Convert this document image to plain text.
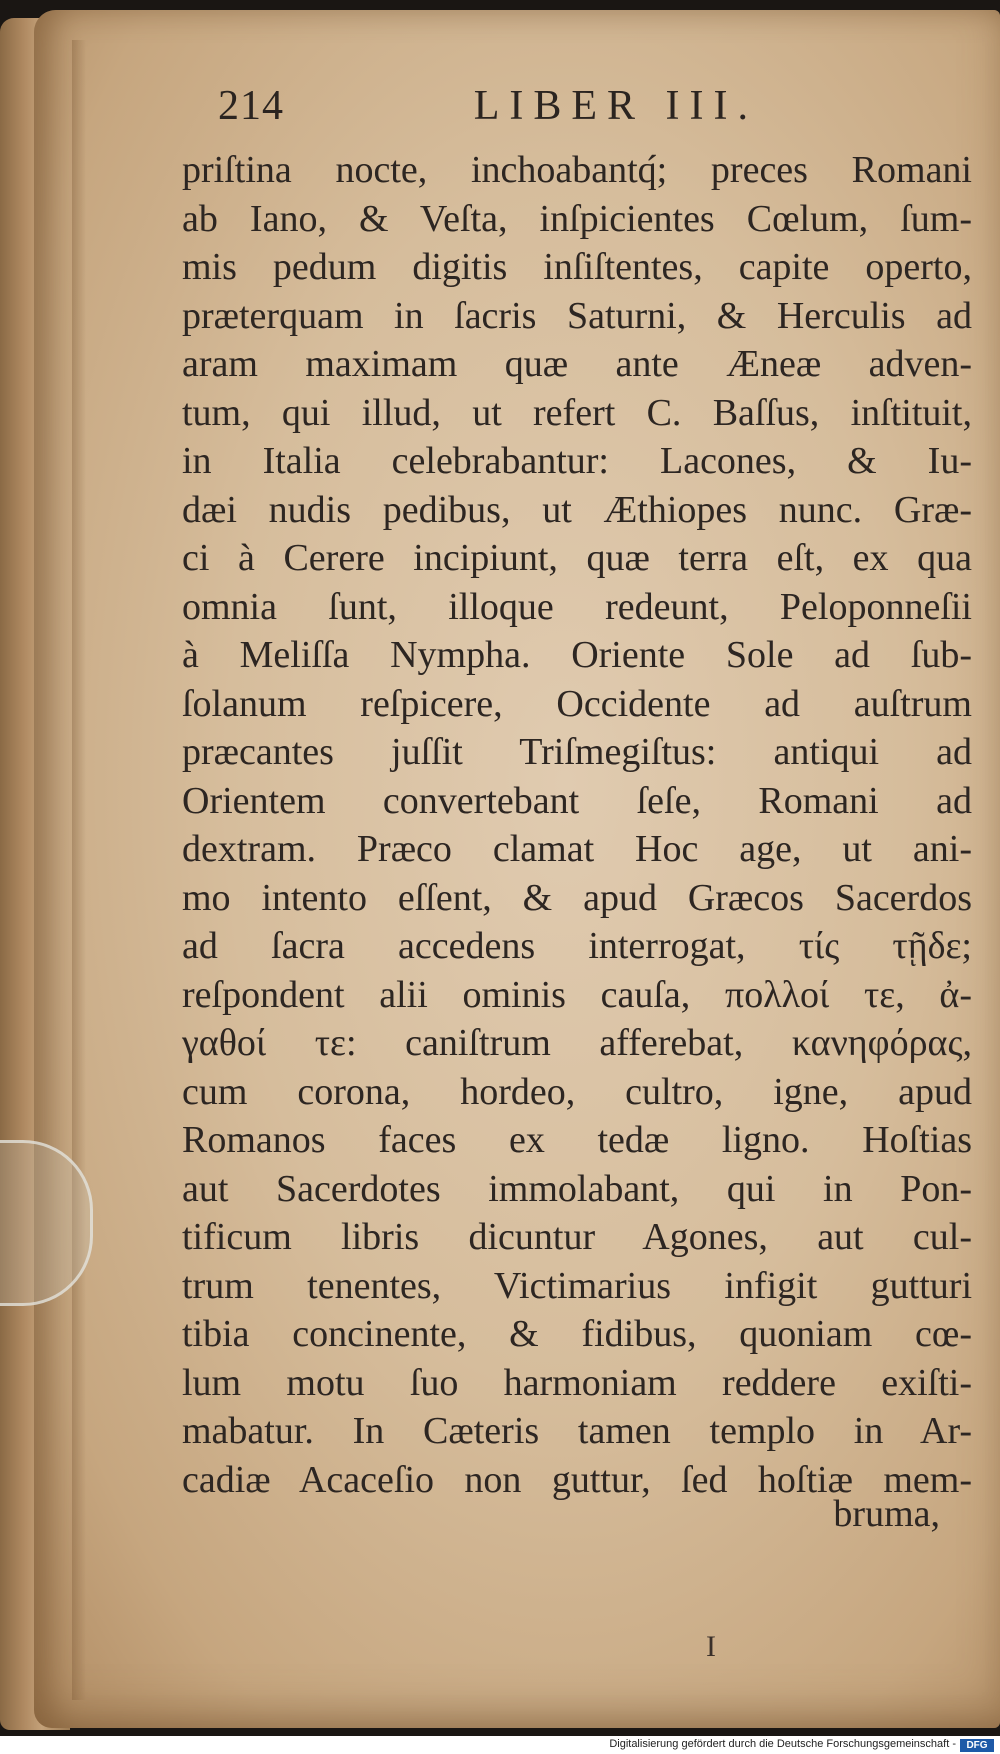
214	LIBER III.
priſtina nocte, inchoabantq́; preces Romani
ab Iano, & Veſta, inſpicientes Cœlum, ſum-
mis pedum digitis inſiſtentes, capite operto,
præterquam in ſacris Saturni, & Herculis ad
aram maximam quæ ante Æneæ adven-
tum, qui illud, ut refert C. Baſſus, inſtituit,
in Italia celebrabantur: Lacones, & Iu-
dæi nudis pedibus, ut Æthiopes nunc. Græ-
ci à Cerere incipiunt, quæ terra eſt, ex qua
omnia ſunt, illoque redeunt, Peloponneſii
à Meliſſa Nympha. Oriente Sole ad ſub-
ſolanum reſpicere, Occidente ad auſtrum
præcantes juſſit Triſmegiſtus: antiqui ad
Orientem convertebant ſeſe, Romani ad
dextram. Præco clamat Hoc age, ut ani-
mo intento eſſent, & apud Græcos Sacerdos
ad ſacra accedens interrogat, τίς τῇδε;
reſpondent alii ominis cauſa, πολλοί τε, ἀ-
γαθοί τε: caniſtrum afferebat, κανηφόρας,
cum corona, hordeo, cultro, igne, apud
Romanos faces ex tedæ ligno. Hoſtias
aut Sacerdotes immolabant, qui in Pon-
tificum libris dicuntur Agones, aut cul-
trum tenentes, Victimarius infigit gutturi
tibia concinente, & fidibus, quoniam cœ-
lum motu ſuo harmoniam reddere exiſti-
mabatur. In Cæteris tamen templo in Ar-
cadiæ Acaceſio non guttur, ſed hoſtiæ mem-
bruma,
I
Digitalisierung gefördert durch die Deutsche Forschungsgemeinschaft -	DFG
